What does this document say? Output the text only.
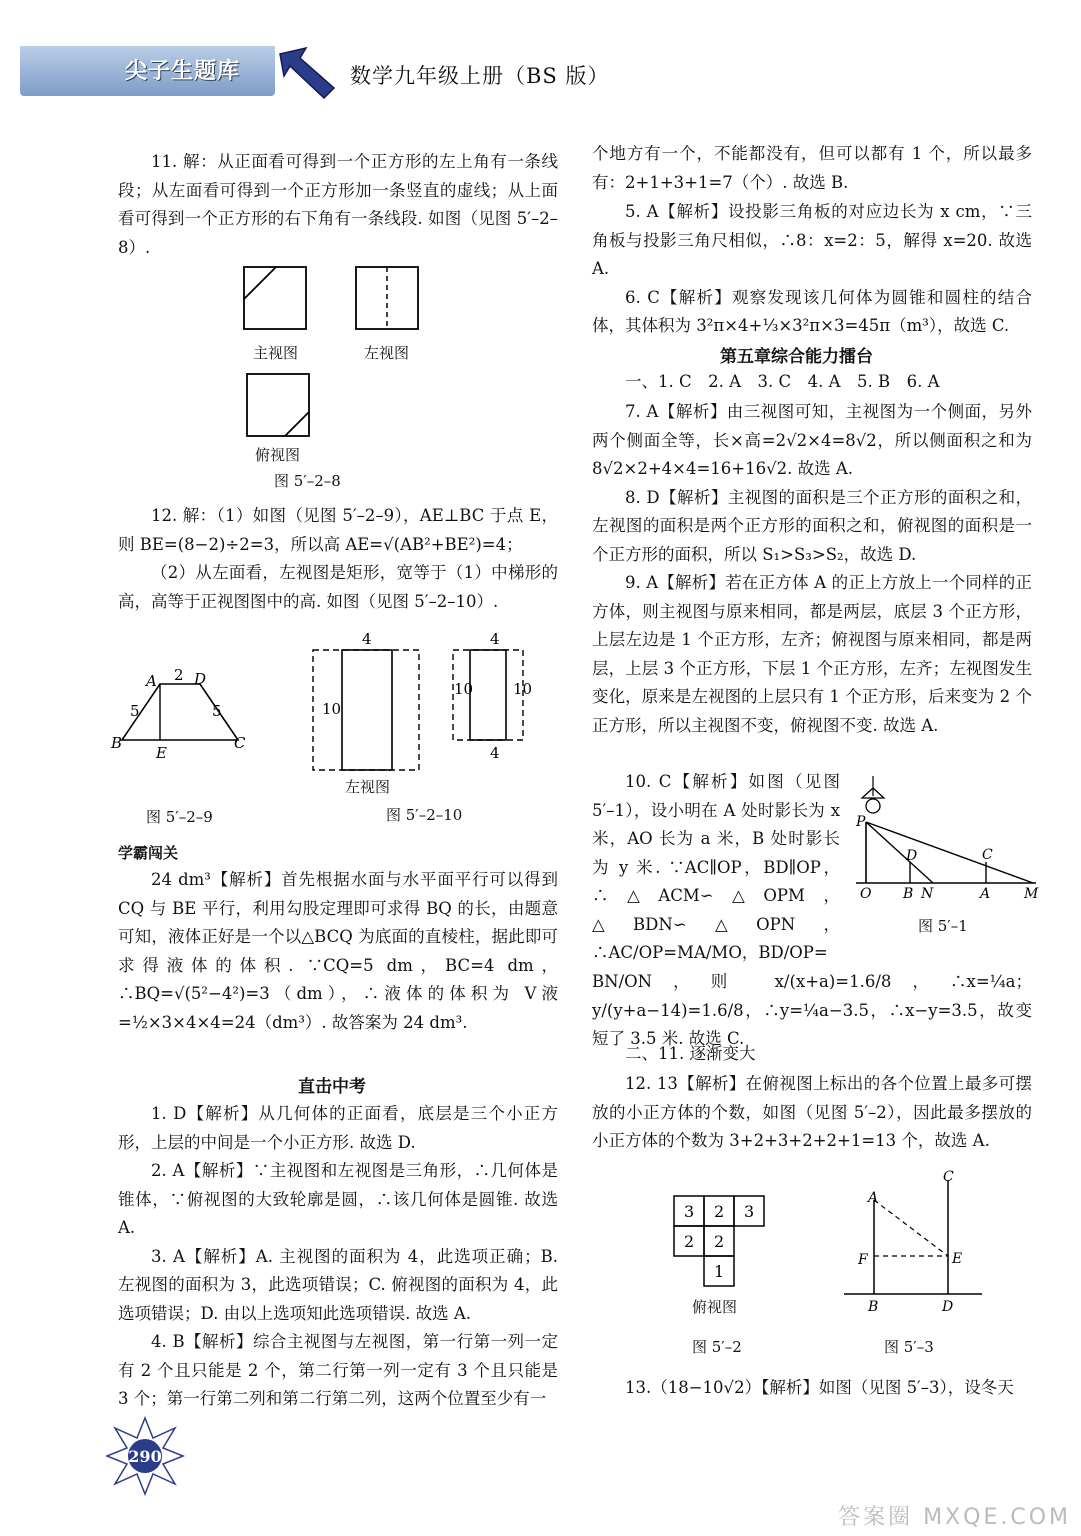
尖子生题库	数学九年级上册（BS 版）

11. 解：从正面看可得到一个正方形的左上角有一条线段；从左面看可得到一个正方形加一条竖直的虚线；从上面看可得到一个正方形的右下角有一条线段. 如图（见图 5′–2–8）.

主视图	左视图
俯视图
图 5′–2–8

12. 解：（1）如图（见图 5′–2–9），AE⊥BC 于点 E，则 BE=(8−2)÷2=3，所以高 AE=√(AB²+BE²)=4；

（2）从左面看，左视图是矩形，宽等于（1）中梯形的高，高等于正视图图中的高. 如图（见图 5′–2–10）.

A 2 D
5	5
B	C
E
图 5′–2–9
4
10
4
10	10
4
左视图
图 5′–2–10
学霸闯关

24 dm³【解析】首先根据水面与水平面平行可以得到 CQ 与 BE 平行，利用勾股定理即可求得 BQ 的长，由题意可知，液体正好是一个以△BCQ 为底面的直棱柱，据此即可求得液体的体积. ∵CQ=5 dm，BC=4 dm，∴BQ=√(5²−4²)=3（dm），∴液体的体积为 V液=½×3×4×4=24（dm³）. 故答案为 24 dm³.

直击中考

1. D【解析】从几何体的正面看，底层是三个小正方形，上层的中间是一个小正方形. 故选 D.

2. A【解析】∵主视图和左视图是三角形，∴几何体是锥体，∵俯视图的大致轮廓是圆，∴该几何体是圆锥. 故选 A.

3. A【解析】A. 主视图的面积为 4，此选项正确；B. 左视图的面积为 3，此选项错误；C. 俯视图的面积为 4，此选项错误；D. 由以上选项知此选项错误. 故选 A.

4. B【解析】综合主视图与左视图，第一行第一列一定有 2 个且只能是 2 个，第二行第一列一定有 3 个且只能是 3 个；第一行第二列和第二行第二列，这两个位置至少有一

个地方有一个，不能都没有，但可以都有 1 个，所以最多有：2+1+3+1=7（个）. 故选 B.

5. A【解析】设投影三角板的对应边长为 x cm，∵三角板与投影三角尺相似，∴8：x=2：5，解得 x=20. 故选 A.

6. C【解析】观察发现该几何体为圆锥和圆柱的结合体，其体积为 3²π×4+⅓×3²π×3=45π（m³），故选 C.

第五章综合能力擂台

一、1. C　2. A　3. C　4. A　5. B　6. A

7. A【解析】由三视图可知，主视图为一个侧面，另外两个侧面全等，长×高=2√2×4=8√2，所以侧面积之和为 8√2×2+4×4=16+16√2. 故选 A.

8. D【解析】主视图的面积是三个正方形的面积之和，左视图的面积是两个正方形的面积之和，俯视图的面积是一个正方形的面积，所以 S₁>S₃>S₂，故选 D.

9. A【解析】若在正方体 A 的正上方放上一个同样的正方体，则主视图与原来相同，都是两层，底层 3 个正方形，上层左边是 1 个正方形，左齐；俯视图与原来相同，都是两层，上层 3 个正方形，下层 1 个正方形，左齐；左视图发生变化，原来是左视图的上层只有 1 个正方形，后来变为 2 个正方形，所以主视图不变，俯视图不变. 故选 A.

10. C【解析】如图（见图 5′–1），设小明在 A 处时影长为 x 米，AO 长为 a 米，B 处时影长为 y 米. ∵AC∥OP，BD∥OP，∴△ACM∽△OPM，△BDN∽△OPN，∴AC/OP=MA/MO，BD/OP=

P
D	C
O B N	A M
图 5′–1

BN/ON，则 x/(x+a)=1.6/8，∴x=¼a；y/(y+a−14)=1.6/8，∴y=¼a−3.5，∴x−y=3.5，故变短了 3.5 米. 故选 C.

二、11. 逐渐变大

12. 13【解析】在俯视图上标出的各个位置上最多可摆放的小正方体的个数，如图（见图 5′–2），因此最多摆放的小正方体的个数为 3+2+3+2+2+1=13 个，故选 A.

3 2 3
2 2
1
俯视图
图 5′–2
A
C
F	E
B	D
图 5′–3

13.（18−10√2）【解析】如图（见图 5′–3），设冬天

290
答案圈 MXQE.COM
